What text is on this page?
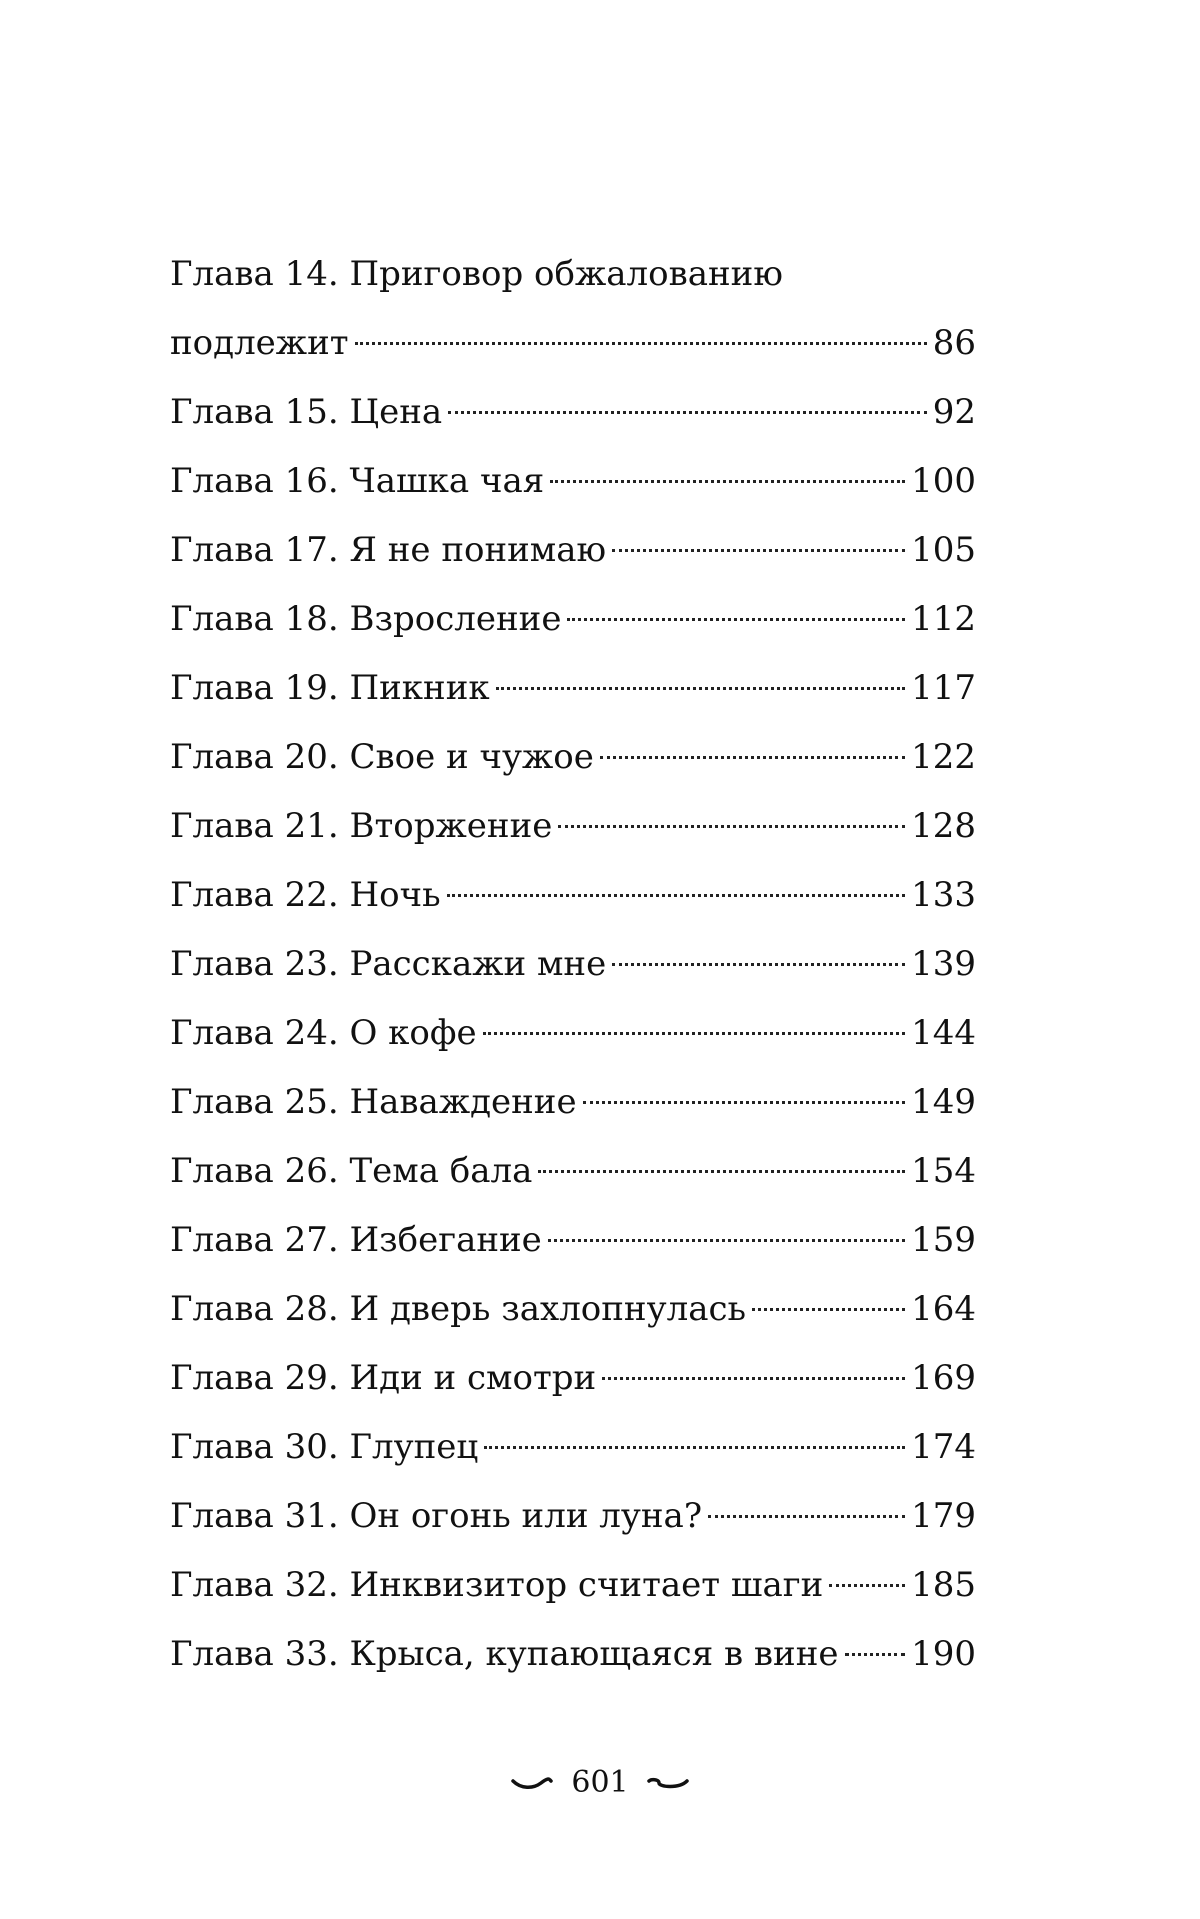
Глава 14. Приговор обжалованию
подлежит	86
Глава 15. Цена	92
Глава 16. Чашка чая	100
Глава 17. Я не понимаю	105
Глава 18. Взросление	112
Глава 19. Пикник	117
Глава 20. Свое и чужое	122
Глава 21. Вторжение	128
Глава 22. Ночь	133
Глава 23. Расскажи мне	139
Глава 24. О кофе	144
Глава 25. Наваждение	149
Глава 26. Тема бала	154
Глава 27. Избегание	159
Глава 28. И дверь захлопнулась	164
Глава 29. Иди и смотри	169
Глава 30. Глупец	174
Глава 31. Он огонь или луна?	179
Глава 32. Инквизитор считает шаги	185
Глава 33. Крыса, купающаяся в вине 190
601
